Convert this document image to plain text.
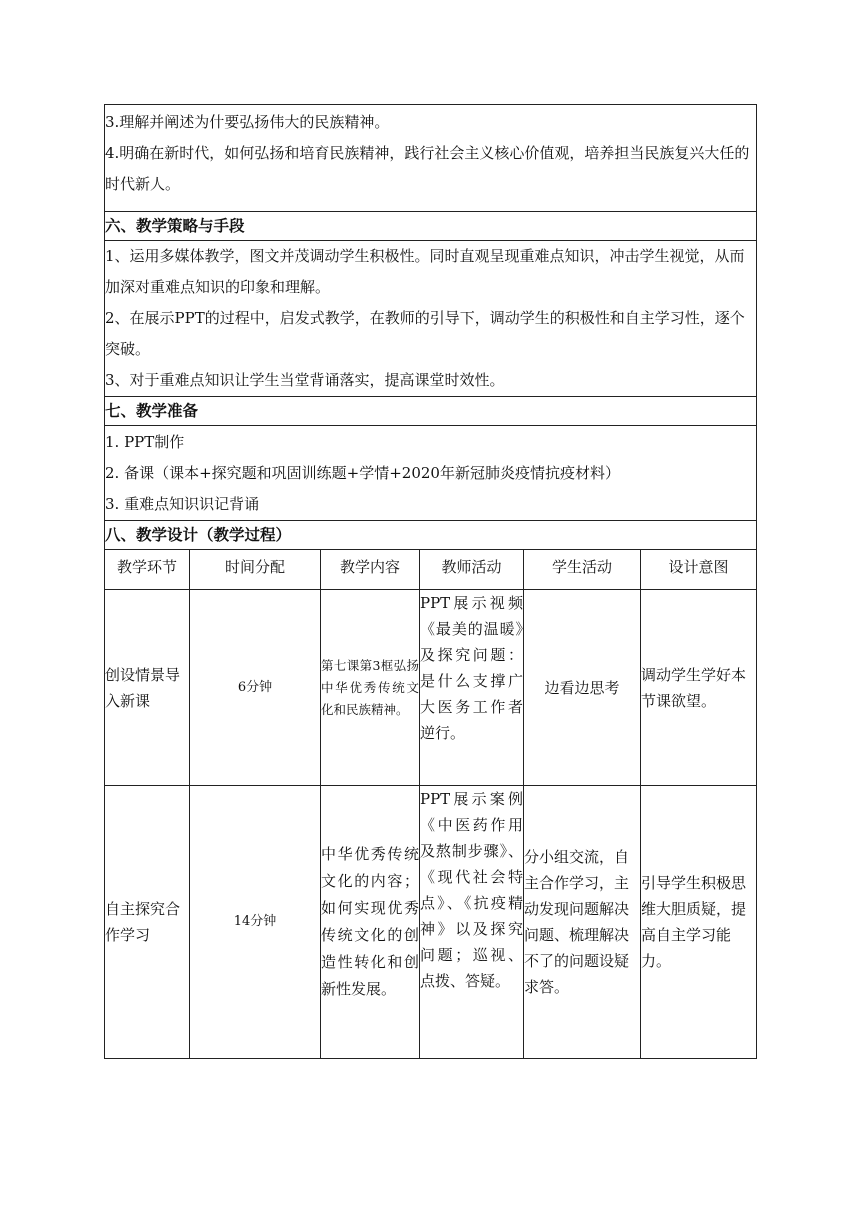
3.理解并阐述为什要弘扬伟大的民族精神。

4.明确在新时代，如何弘扬和培育民族精神，践行社会主义核心价值观，培养担当民族复兴大任的时代新人。					

六、教学策略与手段					

1、运用多媒体教学，图文并茂调动学生积极性。同时直观呈现重难点知识，冲击学生视觉，从而加深对重难点知识的印象和理解。

2、在展示PPT的过程中，启发式教学，在教师的引导下，调动学生的积极性和自主学习性，逐个突破。

3、对于重难点知识让学生当堂背诵落实，提高课堂时效性。					

七、教学准备					

1. PPT制作

2. 备课（课本+探究题和巩固训练题+学情+2020年新冠肺炎疫情抗疫材料）

3. 重难点知识识记背诵					

八、教学设计（教学过程）					
教学环节	时间分配	教学内容	教师活动	学生活动	设计意图
创设情景导入新课	6分钟	第七课第3框弘扬中华优秀传统文化和民族精神。	PPT展示视频《最美的温暖》及探究问题：是什么支撑广大医务工作者逆行。	边看边思考	调动学生学好本节课欲望。
自主探究合作学习	14分钟	中华优秀传统文化的内容；如何实现优秀传统文化的创造性转化和创新性发展。	PPT展示案例《中医药作用及熬制步骤》、《现代社会特点》、《抗疫精神》以及探究问题；巡视、点拨、答疑。	分小组交流，自主合作学习，主动发现问题解决问题、梳理解决不了的问题设疑求答。	引导学生积极思维大胆质疑，提高自主学习能力。
